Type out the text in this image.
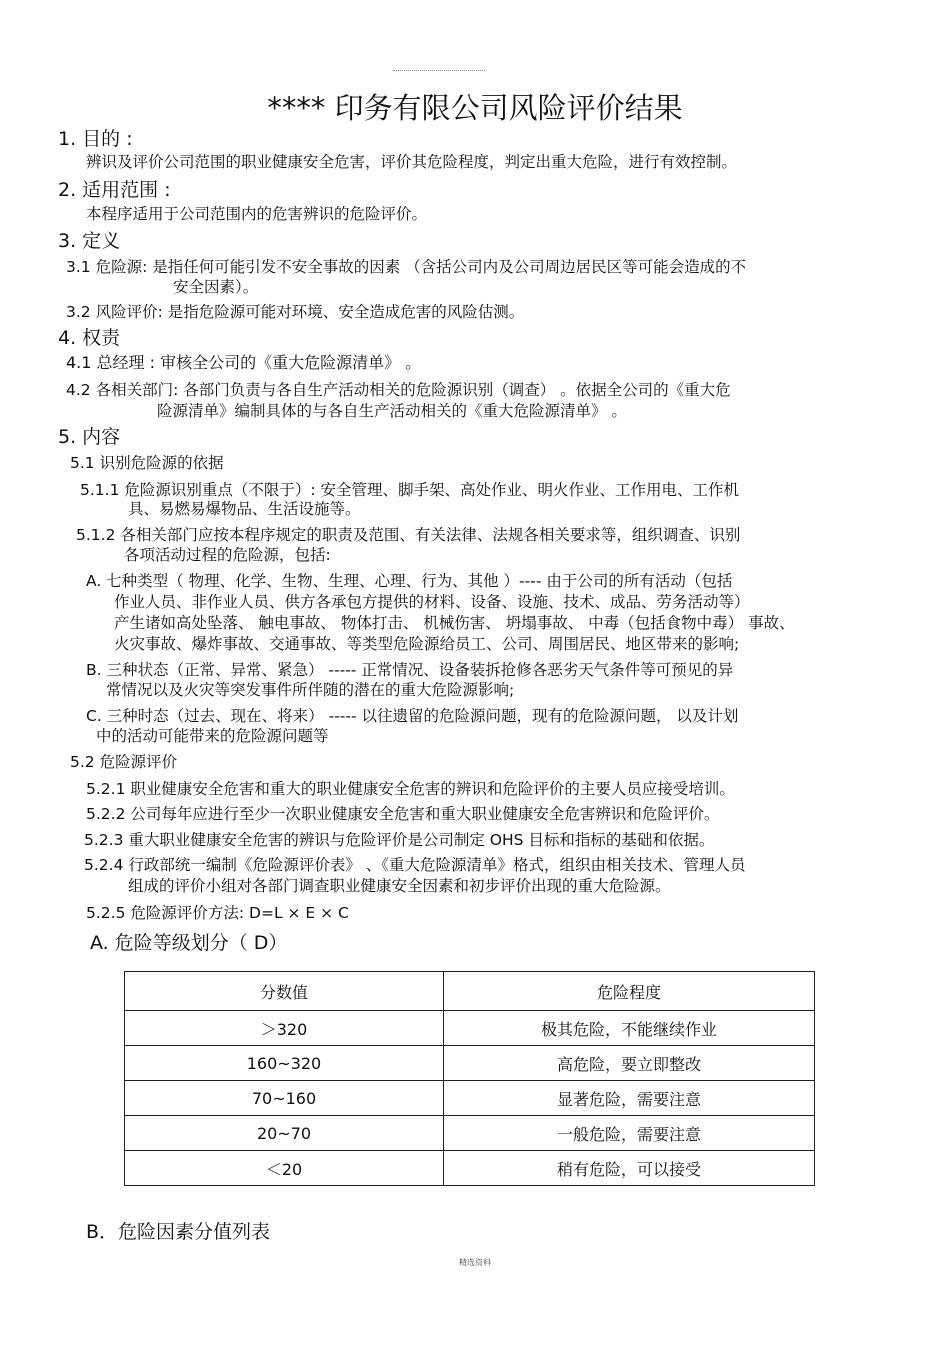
**** 印务有限公司风险评价结果
1. 目的 :
辨识及评价公司范围的职业健康安全危害，评价其危险程度，判定出重大危险，进行有效控制。
2. 适用范围 :
本程序适用于公司范围内的危害辨识的危险评价。
3. 定义
3.1 危险源: 是指任何可能引发不安全事故的因素 （含括公司内及公司周边居民区等可能会造成的不
安全因素）。
3.2 风险评价: 是指危险源可能对环境、安全造成危害的风险估测。
4. 权责
4.1 总经理 : 审核全公司的《重大危险源清单》 。
4.2 各相关部门: 各部门负责与各自生产活动相关的危险源识别（调查） 。依据全公司的《重大危
险源清单》编制具体的与各自生产活动相关的《重大危险源清单》 。
5. 内容
5.1 识别危险源的依据
5.1.1 危险源识别重点（不限于）: 安全管理、脚手架、高处作业、明火作业、工作用电、工作机
具、易燃易爆物品、生活设施等。
5.1.2 各相关部门应按本程序规定的职责及范围、有关法律、法规各相关要求等，组织调查、识别
各项活动过程的危险源，包括:
A. 七种类型（ 物理、化学、生物、生理、心理、行为、其他 ）---- 由于公司的所有活动（包括
作业人员、非作业人员、供方各承包方提供的材料、设备、设施、技术、成品、劳务活动等）
产生诸如高处坠落、 触电事故、 物体打击、 机械伤害、 坍塌事故、 中毒（包括食物中毒） 事故、
火灾事故、爆炸事故、交通事故、等类型危险源给员工、公司、周围居民、地区带来的影响;
B. 三种状态（正常、异常、紧急） ----- 正常情况、设备装拆抢修各恶劣天气条件等可预见的异
常情况以及火灾等突发事件所伴随的潜在的重大危险源影响;
C. 三种时态（过去、现在、将来） ----- 以往遗留的危险源问题，现有的危险源问题， 以及计划
中的活动可能带来的危险源问题等
5.2 危险源评价
5.2.1 职业健康安全危害和重大的职业健康安全危害的辨识和危险评价的主要人员应接受培训。
5.2.2 公司每年应进行至少一次职业健康安全危害和重大职业健康安全危害辨识和危险评价。
5.2.3 重大职业健康安全危害的辨识与危险评价是公司制定 OHS 目标和指标的基础和依据。
5.2.4 行政部统一编制《危险源评价表》 、《重大危险源清单》格式，组织由相关技术、管理人员
组成的评价小组对各部门调查职业健康安全因素和初步评价出现的重大危险源。
5.2.5 危险源评价方法: D=L × E × C
A. 危险等级划分（ D）
分数值	危险程度
＞320	极其危险，不能继续作业
160~320	高危险，要立即整改
70~160	显著危险，需要注意
20~70	一般危险，需要注意
＜20	稍有危险，可以接受
B．危险因素分值列表
精选资料
